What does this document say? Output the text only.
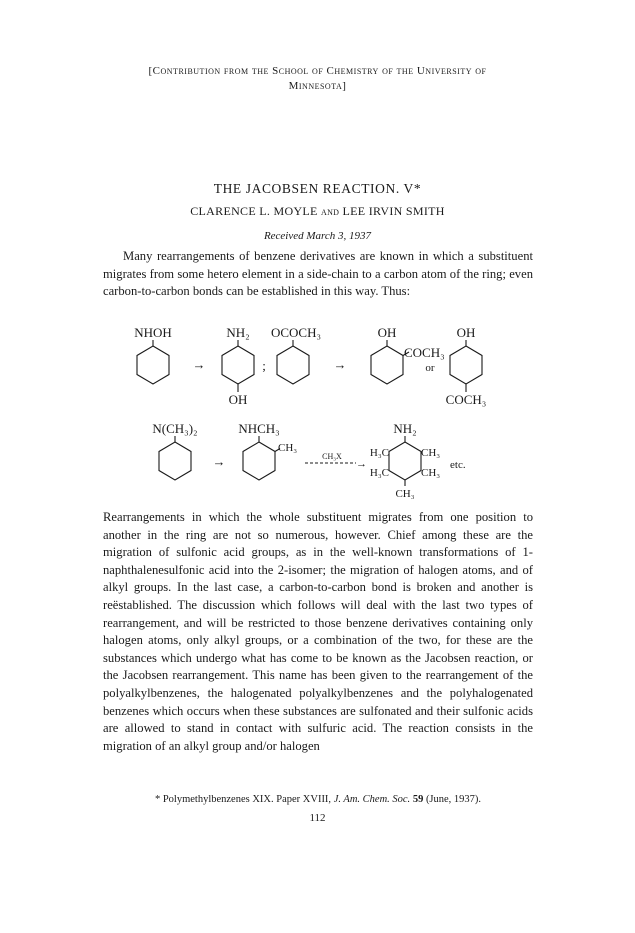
[Contribution from the School of Chemistry of the University of
Minnesota]
THE JACOBSEN REACTION. V*
CLARENCE L. MOYLE and LEE IRVIN SMITH
Received March 3, 1937
Many rearrangements of benzene derivatives are known in which a substituent migrates from some hetero element in a side-chain to a carbon atom of the ring; even carbon-to-carbon bonds can be established in this way. Thus:
NHOH
→
NH₂
OH
;
OCOCH₃
→
OH
COCH₃
or
OH
COCH₃
N(CH₃)₂
→
NHCH₃
CH₃
CH₃X
→
NH₂
H₃C	CH₃
H₃C	CH₃
CH₃
etc.
Rearrangements in which the whole substituent migrates from one position to another in the ring are not so numerous, however. Chief among these are the migration of sulfonic acid groups, as in the well-known transformations of 1-naphthalenesulfonic acid into the 2-isomer; the migration of halogen atoms, and of alkyl groups. In the last case, a carbon-to-carbon bond is broken and another is reëstablished. The discussion which follows will deal with the last two types of rearrangement, and will be restricted to those benzene derivatives containing only halogen atoms, only alkyl groups, or a combination of the two, for these are the substances which undergo what has come to be known as the Jacobsen reaction, or the Jacobsen rearrangement. This name has been given to the rearrangement of the polyalkylbenzenes, the halogenated polyalkylbenzenes and the polyhalogenated benzenes which occurs when these substances are sulfonated and their sulfonic acids are allowed to stand in contact with sulfuric acid. The reaction consists in the migration of an alkyl group and/or halogen
* Polymethylbenzenes XIX. Paper XVIII, J. Am. Chem. Soc. 59 (June, 1937).
112
